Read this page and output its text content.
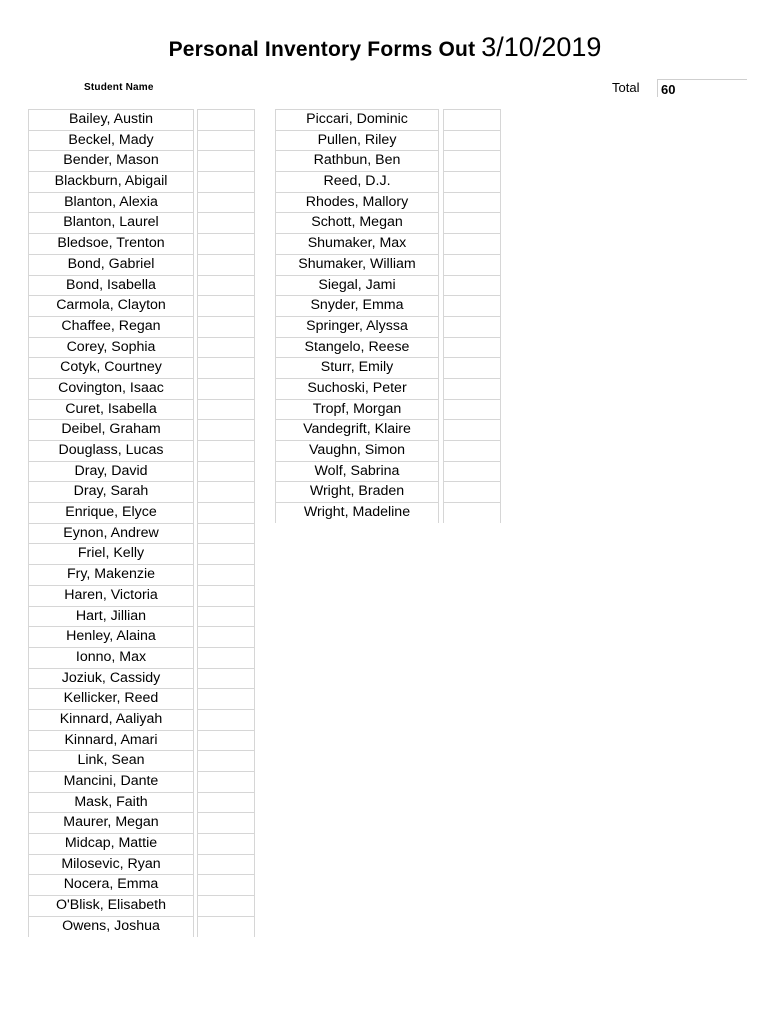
Personal Inventory Forms Out 3/10/2019
Student Name	Total	60
Bailey, Austin
Beckel, Mady
Bender, Mason
Blackburn, Abigail
Blanton, Alexia
Blanton, Laurel
Bledsoe, Trenton
Bond, Gabriel
Bond, Isabella
Carmola, Clayton
Chaffee, Regan
Corey, Sophia
Cotyk, Courtney
Covington, Isaac
Curet, Isabella
Deibel, Graham
Douglass, Lucas
Dray, David
Dray, Sarah
Enrique, Elyce
Eynon, Andrew
Friel, Kelly
Fry, Makenzie
Haren, Victoria
Hart, Jillian
Henley, Alaina
Ionno, Max
Joziuk, Cassidy
Kellicker, Reed
Kinnard, Aaliyah
Kinnard, Amari
Link, Sean
Mancini, Dante
Mask, Faith
Maurer, Megan
Midcap, Mattie
Milosevic, Ryan
Nocera, Emma
O'Blisk, Elisabeth
Owens, Joshua
Piccari, Dominic
Pullen, Riley
Rathbun, Ben
Reed, D.J.
Rhodes, Mallory
Schott, Megan
Shumaker, Max
Shumaker, William
Siegal, Jami
Snyder, Emma
Springer, Alyssa
Stangelo, Reese
Sturr, Emily
Suchoski, Peter
Tropf, Morgan
Vandegrift, Klaire
Vaughn, Simon
Wolf, Sabrina
Wright, Braden
Wright, Madeline
